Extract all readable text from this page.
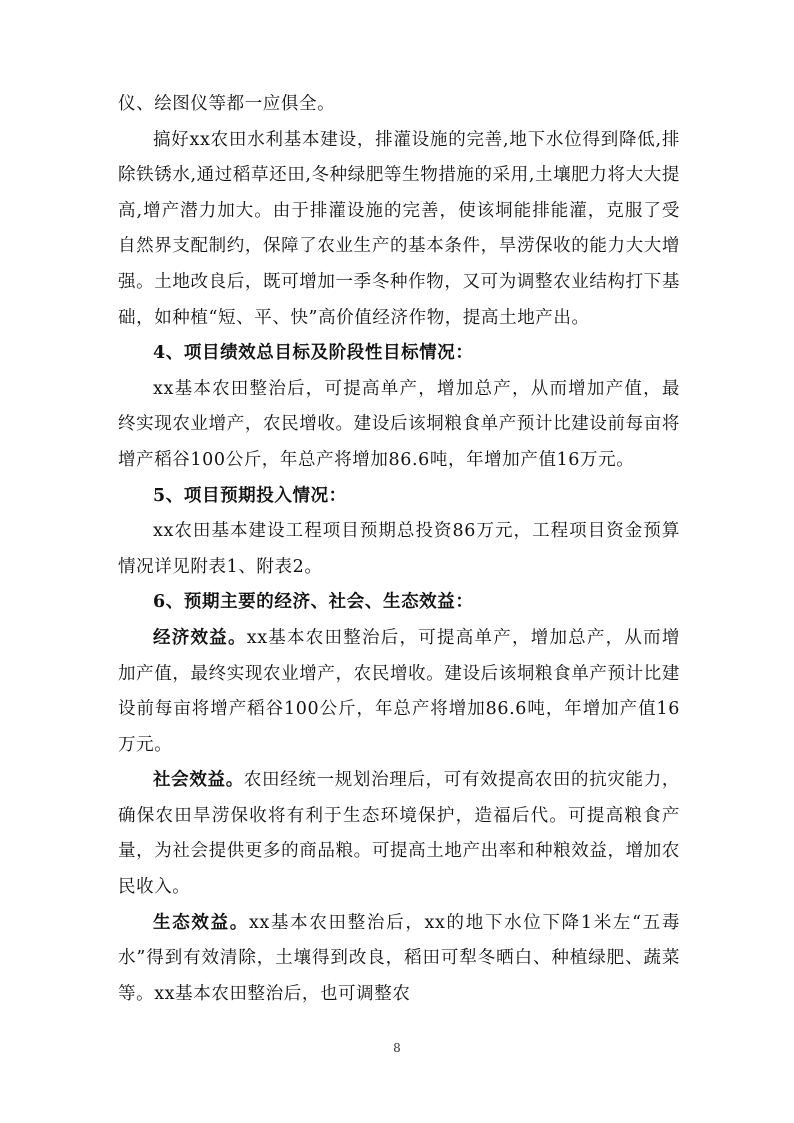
仪、绘图仪等都一应俱全。

搞好xx农田水利基本建设，排灌设施的完善,地下水位得到降低,排除铁锈水,通过稻草还田,冬种绿肥等生物措施的采用,土壤肥力将大大提高,增产潜力加大。由于排灌设施的完善，使该垌能排能灌，克服了受自然界支配制约，保障了农业生产的基本条件，旱涝保收的能力大大增强。土地改良后，既可增加一季冬种作物，又可为调整农业结构打下基础，如种植“短、平、快”高价值经济作物，提高土地产出。

4、项目绩效总目标及阶段性目标情况：

xx基本农田整治后，可提高单产，增加总产，从而增加产值，最终实现农业增产，农民增收。建设后该垌粮食单产预计比建设前每亩将增产稻谷100公斤，年总产将增加86.6吨，年增加产值16万元。

5、项目预期投入情况：

xx农田基本建设工程项目预期总投资86万元，工程项目资金预算情况详见附表1、附表2。

6、预期主要的经济、社会、生态效益：

经济效益。xx基本农田整治后，可提高单产，增加总产，从而增加产值，最终实现农业增产，农民增收。建设后该垌粮食单产预计比建设前每亩将增产稻谷100公斤，年总产将增加86.6吨，年增加产值16万元。

社会效益。农田经统一规划治理后，可有效提高农田的抗灾能力，确保农田旱涝保收将有利于生态环境保护，造福后代。可提高粮食产量，为社会提供更多的商品粮。可提高土地产出率和种粮效益，增加农民收入。

生态效益。xx基本农田整治后，xx的地下水位下降1米左“五毒水”得到有效清除，土壤得到改良，稻田可犁冬晒白、种植绿肥、蔬菜等。xx基本农田整治后，也可调整农

8
